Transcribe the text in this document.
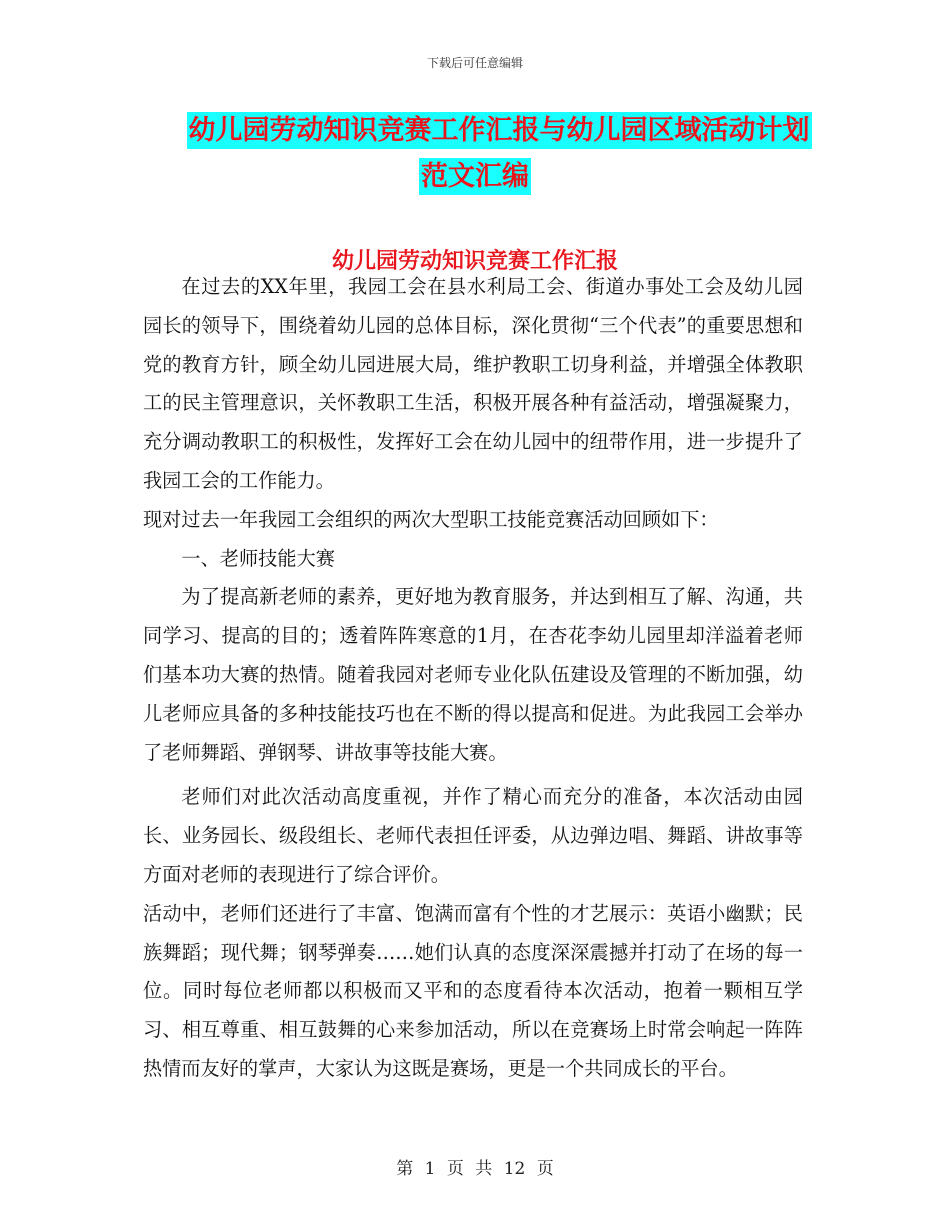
下载后可任意编辑
幼儿园劳动知识竞赛工作汇报与幼儿园区域活动计划
范文汇编
幼儿园劳动知识竞赛工作汇报

在过去的XX年里，我园工会在县水利局工会、街道办事处工会及幼儿园园长的领导下，围绕着幼儿园的总体目标，深化贯彻“三个代表”的重要思想和党的教育方针，顾全幼儿园进展大局，维护教职工切身利益，并增强全体教职工的民主管理意识，关怀教职工生活，积极开展各种有益活动，增强凝聚力，充分调动教职工的积极性，发挥好工会在幼儿园中的纽带作用，进一步提升了我园工会的工作能力。

现对过去一年我园工会组织的两次大型职工技能竞赛活动回顾如下：

一、老师技能大赛

为了提高新老师的素养，更好地为教育服务，并达到相互了解、沟通，共同学习、提高的目的；透着阵阵寒意的1月，在杏花李幼儿园里却洋溢着老师们基本功大赛的热情。随着我园对老师专业化队伍建设及管理的不断加强，幼儿老师应具备的多种技能技巧也在不断的得以提高和促进。为此我园工会举办了老师舞蹈、弹钢琴、讲故事等技能大赛。

老师们对此次活动高度重视，并作了精心而充分的准备，本次活动由园长、业务园长、级段组长、老师代表担任评委，从边弹边唱、舞蹈、讲故事等方面对老师的表现进行了综合评价。

活动中，老师们还进行了丰富、饱满而富有个性的才艺展示：英语小幽默；民族舞蹈；现代舞；钢琴弹奏……她们认真的态度深深震撼并打动了在场的每一位。同时每位老师都以积极而又平和的态度看待本次活动，抱着一颗相互学习、相互尊重、相互鼓舞的心来参加活动，所以在竞赛场上时常会响起一阵阵热情而友好的掌声，大家认为这既是赛场，更是一个共同成长的平台。

第 1 页 共 12 页
